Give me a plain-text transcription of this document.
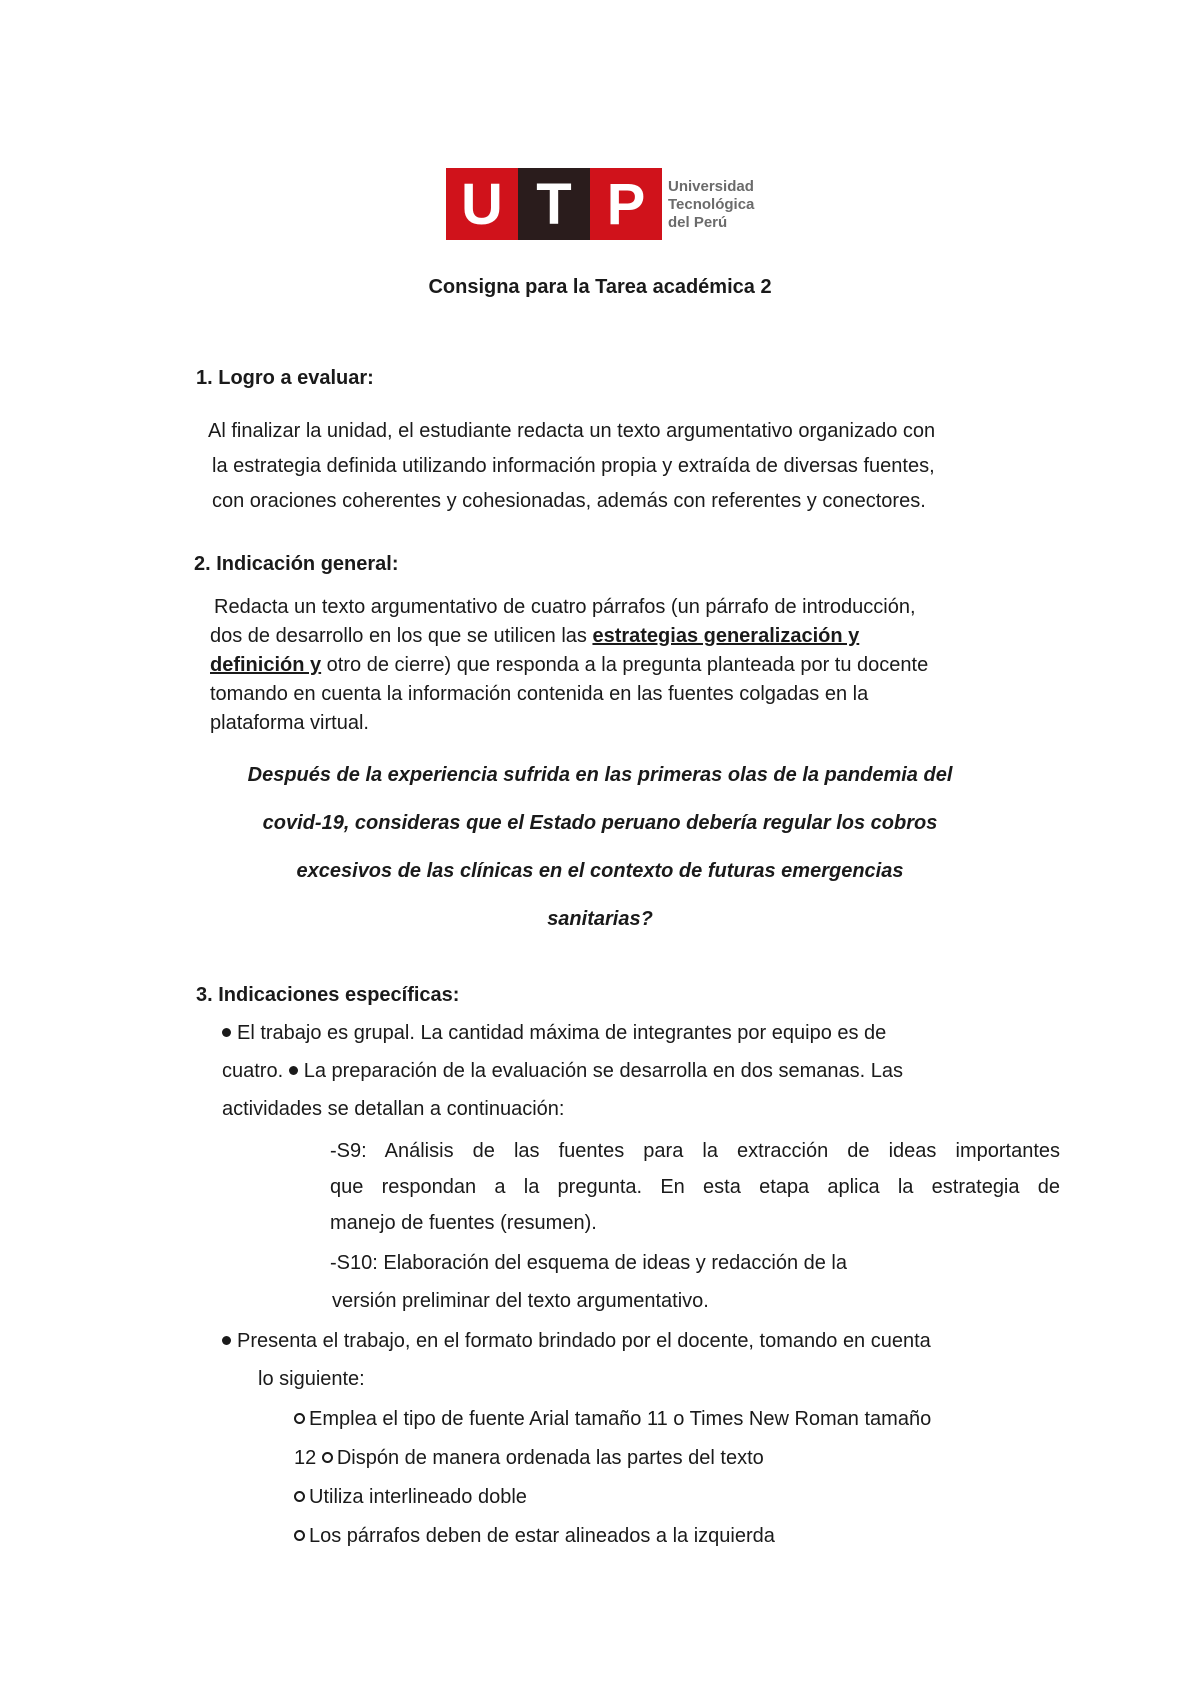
U T P	Universidad
Tecnológica
del Perú
Consigna para la Tarea académica 2
1. Logro a evaluar:
Al finalizar la unidad, el estudiante redacta un texto argumentativo organizado con
la estrategia definida utilizando información propia y extraída de diversas fuentes,
con oraciones coherentes y cohesionadas, además con referentes y conectores.
2. Indicación general:
Redacta un texto argumentativo de cuatro párrafos (un párrafo de introducción,
dos de desarrollo en los que se utilicen las estrategias generalización y
definición y otro de cierre) que responda a la pregunta planteada por tu docente
tomando en cuenta la información contenida en las fuentes colgadas en la
plataforma virtual.
Después de la experiencia sufrida en las primeras olas de la pandemia del
covid-19, consideras que el Estado peruano debería regular los cobros
excesivos de las clínicas en el contexto de futuras emergencias
sanitarias?
3. Indicaciones específicas:
El trabajo es grupal. La cantidad máxima de integrantes por equipo es de
cuatro. La preparación de la evaluación se desarrolla en dos semanas. Las
actividades se detallan a continuación:
-S9: Análisis de las fuentes para la extracción de ideas importantes
que respondan a la pregunta. En esta etapa aplica la estrategia de
manejo de fuentes (resumen).
-S10: Elaboración del esquema de ideas y redacción de la
versión preliminar del texto argumentativo.
Presenta el trabajo, en el formato brindado por el docente, tomando en cuenta
lo siguiente:
Emplea el tipo de fuente Arial tamaño 11 o Times New Roman tamaño
12 Dispón de manera ordenada las partes del texto
Utiliza interlineado doble
Los párrafos deben de estar alineados a la izquierda
